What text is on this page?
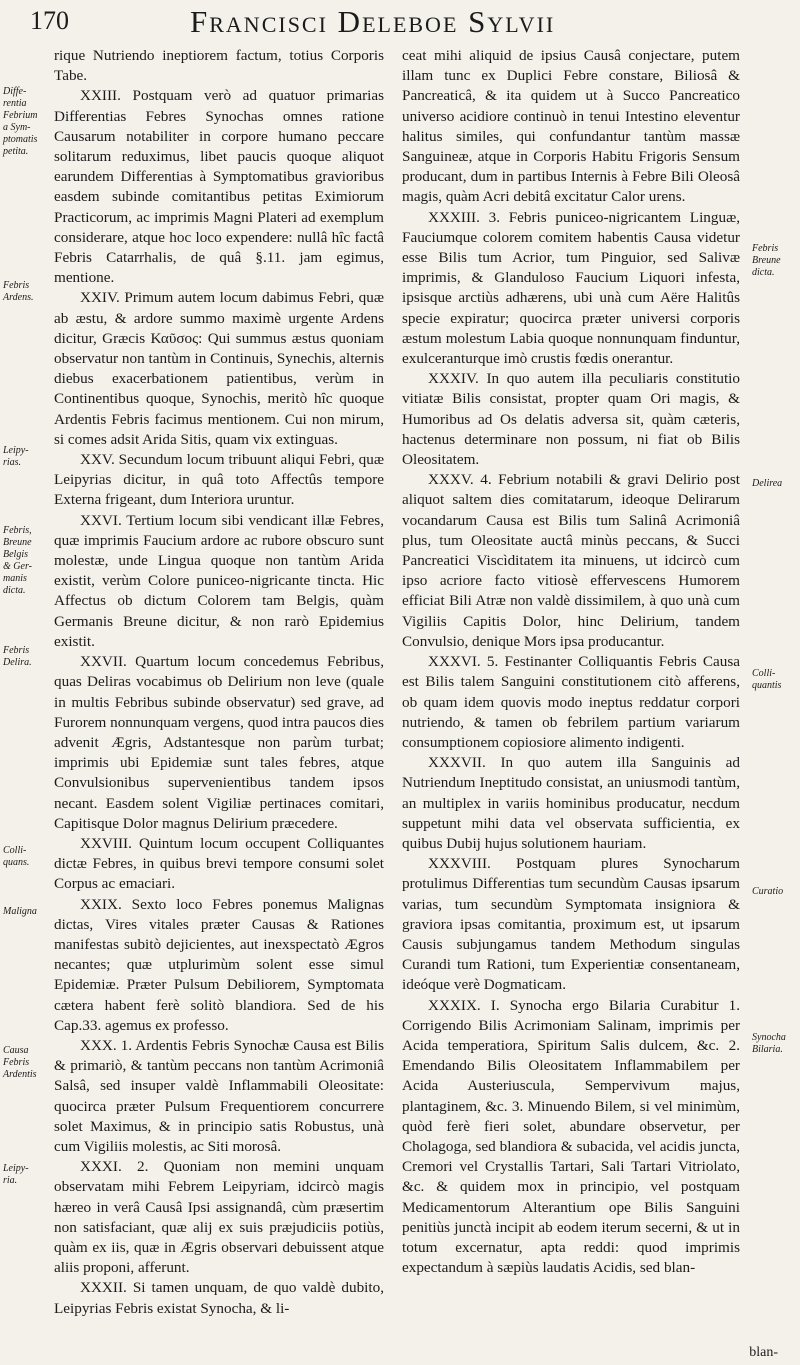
170	Francisci Deleboe Sylvii
Diffe-
rentia
Febrium
a Sym-
ptomatis
petita.
Febris
Ardens.
Leipy-
rias.
Febris,
Breune
Belgis
& Ger-
manis
dicta.
Febris
Delira.
Colli-
quans.
Maligna
Causa
Febris
Ardentis
Leipy-
ria.
Febris
Breune
dicta.
Delirea
Colli-
quantis
Curatio
Synocha
Bilaria.

rique Nutriendo ineptiorem factum, totius Corporis Tabe.

XXIII. Postquam verò ad quatuor primarias Differentias Febres Synochas omnes ratione Causarum notabiliter in corpore humano peccare solitarum reduximus, libet paucis quoque aliquot earundem Differentias à Symptomatibus gravioribus easdem subinde comitantibus petitas Eximiorum Practicorum, ac imprimis Magni Plateri ad exemplum considerare, atque hoc loco expendere: nullâ hîc factâ Febris Catarrhalis, de quâ §.11. jam egimus, mentione.

XXIV. Primum autem locum dabimus Febri, quæ ab æstu, & ardore summo maximè urgente Ardens dicitur, Græcis Καῦσος: Qui summus æstus quoniam observatur non tantùm in Continuis, Synechis, alternis diebus exacerbationem patientibus, verùm in Continentibus quoque, Synochis, meritò hîc quoque Ardentis Febris facimus mentionem. Cui non mirum, si comes adsit Arida Sitis, quam vix extinguas.

XXV. Secundum locum tribuunt aliqui Febri, quæ Leipyrias dicitur, in quâ toto Affectûs tempore Externa frigeant, dum Interiora uruntur.

XXVI. Tertium locum sibi vendicant illæ Febres, quæ imprimis Faucium ardore ac rubore obscuro sunt molestæ, unde Lingua quoque non tantùm Arida existit, verùm Colore puniceo-nigricante tincta. Hic Affectus ob dictum Colorem tam Belgis, quàm Germanis Breune dicitur, & non rarò Epidemius existit.

XXVII. Quartum locum concedemus Febribus, quas Deliras vocabimus ob Delirium non leve (quale in multis Febribus subinde observatur) sed grave, ad Furorem nonnunquam vergens, quod intra paucos dies advenit Ægris, Adstantesque non parùm turbat; imprimis ubi Epidemiæ sunt tales febres, atque Convulsionibus supervenientibus tandem ipsos necant. Easdem solent Vigiliæ pertinaces comitari, Capitisque Dolor magnus Delirium præcedere.

XXVIII. Quintum locum occupent Colliquantes dictæ Febres, in quibus brevi tempore consumi solet Corpus ac emaciari.

XXIX. Sexto loco Febres ponemus Malignas dictas, Vires vitales præter Causas & Rationes manifestas subitò dejicientes, aut inexspectatò Ægros necantes; quæ utplurimùm solent esse simul Epidemiæ. Præter Pulsum Debiliorem, Symptomata cætera habent ferè solitò blandiora. Sed de his Cap.33. agemus ex professo.

XXX. 1. Ardentis Febris Synochæ Causa est Bilis & primariò, & tantùm peccans non tantùm Acrimoniâ Salsâ, sed insuper valdè Inflammabili Oleositate: quocirca præter Pulsum Frequentiorem concurrere solet Maximus, & in principio satis Robustus, unà cum Vigiliis molestis, ac Siti morosâ.

XXXI. 2. Quoniam non memini unquam observatam mihi Febrem Leipyriam, idcircò magis hæreo in verâ Causâ Ipsi assignandâ, cùm præsertim non satisfaciant, quæ alij ex suis præjudiciis potiùs, quàm ex iis, quæ in Ægris observari debuissent atque aliis proponi, afferunt.

XXXII. Si tamen unquam, de quo valdè dubito, Leipyrias Febris existat Synocha, & li-

ceat mihi aliquid de ipsius Causâ conjectare, putem illam tunc ex Duplici Febre constare, Biliosâ & Pancreaticâ, & ita quidem ut à Succo Pancreatico universo acidiore continuò in tenui Intestino eleventur halitus similes, qui confundantur tantùm massæ Sanguineæ, atque in Corporis Habitu Frigoris Sensum producant, dum in partibus Internis à Febre Bili Oleosâ magis, quàm Acri debitâ excitatur Calor urens.

XXXIII. 3. Febris puniceo-nigricantem Linguæ, Fauciumque colorem comitem habentis Causa videtur esse Bilis tum Acrior, tum Pinguior, sed Salivæ imprimis, & Glanduloso Faucium Liquori infesta, ipsisque arctiùs adhærens, ubi unà cum Aëre Halitûs specie expiratur; quocirca præter universi corporis æstum molestum Labia quoque nonnunquam finduntur, exulceranturque imò crustis fœdis onerantur.

XXXIV. In quo autem illa peculiaris constitutio vitiatæ Bilis consistat, propter quam Ori magis, & Humoribus ad Os delatis adversa sit, quàm cæteris, hactenus determinare non possum, ni fiat ob Bilis Oleositatem.

XXXV. 4. Febrium notabili & gravi Delirio post aliquot saltem dies comitatarum, ideoque Delirarum vocandarum Causa est Bilis tum Salinâ Acrimoniâ plus, tum Oleositate auctâ minùs peccans, & Succi Pancreatici Viscìditatem ita minuens, ut idcircò cum ipso acriore facto vitiosè effervescens Humorem efficiat Bili Atræ non valdè dissimilem, à quo unà cum Vigiliis Capitis Dolor, hinc Delirium, tandem Convulsio, denique Mors ipsa producantur.

XXXVI. 5. Festinanter Colliquantis Febris Causa est Bilis talem Sanguini constitutionem citò afferens, ob quam idem quovis modo ineptus reddatur corpori nutriendo, & tamen ob febrilem partium variarum consumptionem copiosiore alimento indigenti.

XXXVII. In quo autem illa Sanguinis ad Nutriendum Ineptitudo consistat, an uniusmodi tantùm, an multiplex in variis hominibus producatur, necdum suppetunt mihi data vel observata sufficientia, ex quibus Dubij hujus solutionem hauriam.

XXXVIII. Postquam plures Synocharum protulimus Differentias tum secundùm Causas ipsarum varias, tum secundùm Symptomata insigniora & graviora ipsas comitantia, proximum est, ut ipsarum Causis subjungamus tandem Methodum singulas Curandi tum Rationi, tum Experientiæ consentaneam, ideóque verè Dogmaticam.

XXXIX. I. Synocha ergo Bilaria Curabitur 1. Corrigendo Bilis Acrimoniam Salinam, imprimis per Acida temperatiora, Spiritum Salis dulcem, &c. 2. Emendando Bilis Oleositatem Inflammabilem per Acida Austeriuscula, Sempervivum majus, plantaginem, &c. 3. Minuendo Bilem, si vel minimùm, quòd ferè fieri solet, abundare observetur, per Cholagoga, sed blandiora & subacida, vel acidis juncta, Cremori vel Crystallis Tartari, Sali Tartari Vitriolato, &c. & quidem mox in principio, vel postquam Medicamentorum Alterantium ope Bilis Sanguini penitiùs junctà incipit ab eodem iterum secerni, & ut in totum excernatur, apta reddi: quod imprimis expectandum à sæpiùs laudatis Acidis, sed blan-

blan-
